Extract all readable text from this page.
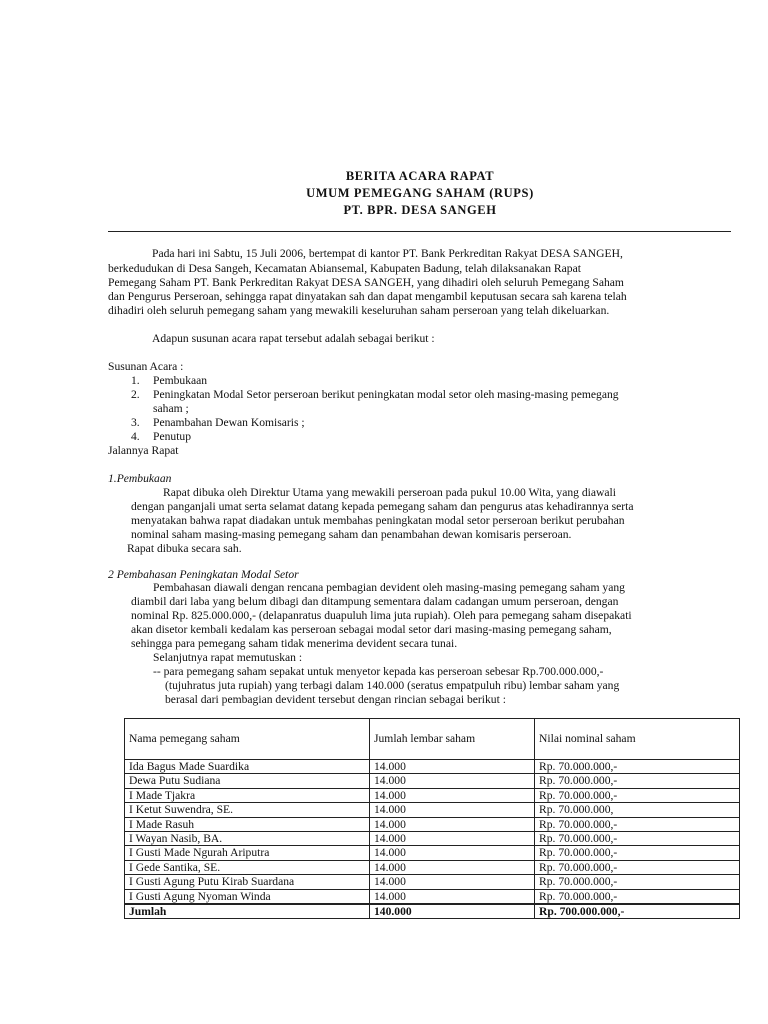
BERITA ACARA RAPAT
UMUM PEMEGANG SAHAM (RUPS)
PT. BPR. DESA SANGEH
Pada hari ini Sabtu, 15 Juli 2006, bertempat di kantor PT. Bank Perkreditan Rakyat DESA SANGEH,
berkedudukan di Desa Sangeh, Kecamatan Abiansemal, Kabupaten Badung, telah dilaksanakan Rapat
Pemegang Saham PT. Bank Perkreditan Rakyat DESA SANGEH, yang dihadiri oleh seluruh Pemegang Saham
dan Pengurus Perseroan, sehingga rapat dinyatakan sah dan dapat mengambil keputusan secara sah karena telah
dihadiri oleh seluruh pemegang saham yang mewakili keseluruhan saham perseroan yang telah dikeluarkan.
Adapun susunan acara rapat tersebut adalah sebagai berikut :
Susunan Acara :
1. Pembukaan
2. Peningkatan Modal Setor perseroan berikut peningkatan modal setor oleh masing-masing pemegang
saham ;
3. Penambahan Dewan Komisaris ;
4. Penutup
Jalannya Rapat
1.Pembukaan
Rapat dibuka oleh Direktur Utama yang mewakili perseroan pada pukul 10.00 Wita, yang diawali
dengan panganjali umat serta selamat datang kepada pemegang saham dan pengurus atas kehadirannya serta
menyatakan bahwa rapat diadakan untuk membahas peningkatan modal setor perseroan berikut perubahan
nominal saham masing-masing pemegang saham dan penambahan dewan komisaris perseroan.
Rapat dibuka secara sah.
2 Pembahasan Peningkatan Modal Setor
Pembahasan diawali dengan rencana pembagian devident oleh masing-masing pemegang saham yang
diambil dari laba yang belum dibagi dan ditampung sementara dalam cadangan umum perseroan, dengan
nominal Rp. 825.000.000,- (delapanratus duapuluh lima juta rupiah). Oleh para pemegang saham disepakati
akan disetor kembali kedalam kas perseroan sebagai modal setor dari masing-masing pemegang saham,
sehingga para pemegang saham tidak menerima devident secara tunai.
Selanjutnya rapat memutuskan :
-- para pemegang saham sepakat untuk menyetor kepada kas perseroan sebesar Rp.700.000.000,-
(tujuhratus juta rupiah) yang terbagi dalam 140.000 (seratus empatpuluh ribu) lembar saham yang
berasal dari pembagian devident tersebut dengan rincian sebagai berikut :
Nama pemegang saham	Jumlah lembar saham	Nilai nominal saham
Ida Bagus Made Suardika	14.000	Rp. 70.000.000,-
Dewa Putu Sudiana	14.000	Rp. 70.000.000,-
I Made Tjakra	14.000	Rp. 70.000.000,-
I Ketut Suwendra, SE.	14.000	Rp. 70.000.000,
I Made Rasuh	14.000	Rp. 70.000.000,-
I Wayan Nasib, BA.	14.000	Rp. 70.000.000,-
I Gusti Made Ngurah Ariputra	14.000	Rp. 70.000.000,-
I Gede Santika, SE.	14.000	Rp. 70.000.000,-
I Gusti Agung Putu Kirab Suardana	14.000	Rp. 70.000.000,-
I Gusti Agung Nyoman Winda	14.000	Rp. 70.000.000,-
Jumlah	140.000	Rp. 700.000.000,-
